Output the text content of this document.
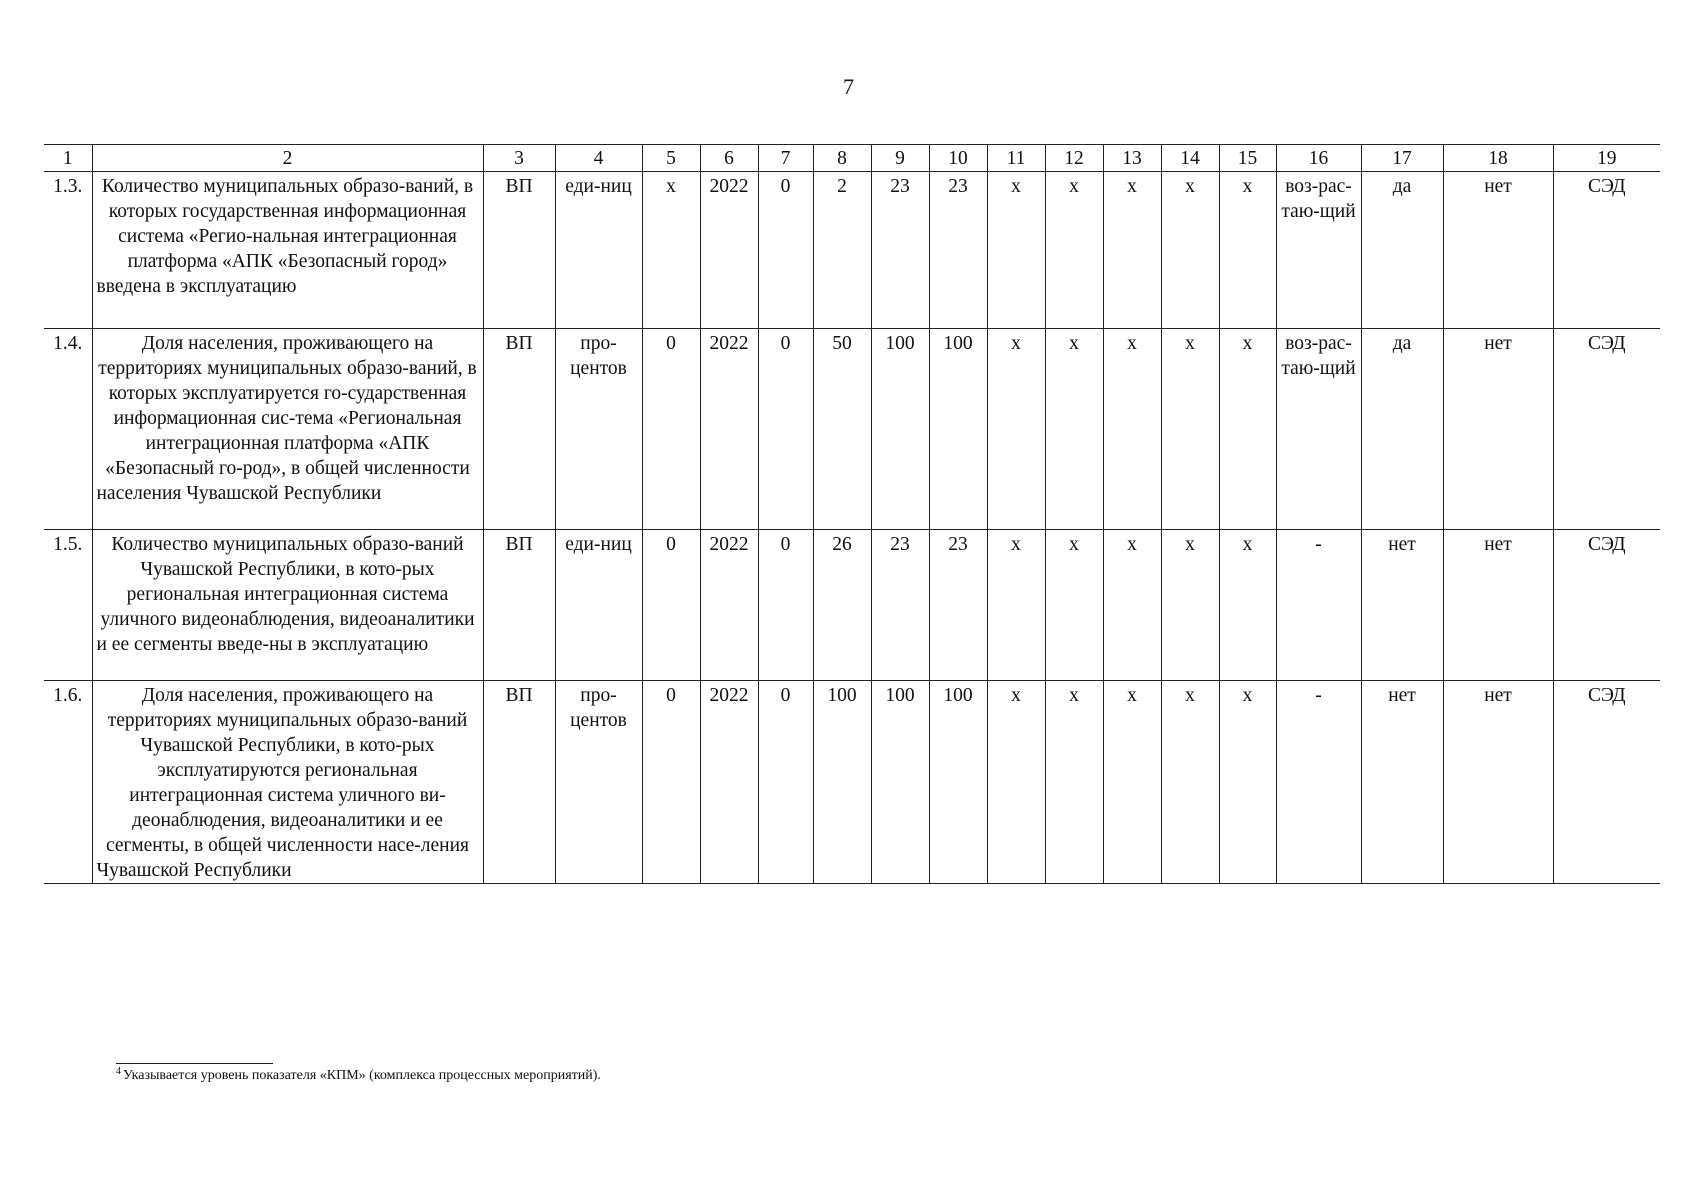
7
1	2	3	4	5	6	7	8	9	10	11	12	13	14	15	16	17	18	19
1.3.	Количество муниципальных образо-ваний, в которых государственная информационная система «Регио-нальная интеграционная платформа «АПК «Безопасный город» введена в эксплуатацию	ВП	еди-ниц	х	2022	0	2	23	23	х	х	х	х	х	воз-рас-таю-щий	да	нет	СЭД
1.4.	Доля населения, проживающего на территориях муниципальных образо-ваний, в которых эксплуатируется го-сударственная информационная сис-тема «Региональная интеграционная платформа «АПК «Безопасный го-род», в общей численности населения Чувашской Республики	ВП	про-центов	0	2022	0	50	100	100	х	х	х	х	х	воз-рас-таю-щий	да	нет	СЭД
1.5.	Количество муниципальных образо-ваний Чувашской Республики, в кото-рых региональная интеграционная система уличного видеонаблюдения, видеоаналитики и ее сегменты введе-ны в эксплуатацию	ВП	еди-ниц	0	2022	0	26	23	23	х	х	х	х	х	-	нет	нет	СЭД
1.6.	Доля населения, проживающего на территориях муниципальных образо-ваний Чувашской Республики, в кото-рых эксплуатируются региональная интеграционная система уличного ви-деонаблюдения, видеоаналитики и ее сегменты, в общей численности насе-ления Чувашской Республики	ВП	про-центов	0	2022	0	100	100	100	х	х	х	х	х	-	нет	нет	СЭД
$^4$ Указывается уровень показателя «КПМ» (комплекса процессных мероприятий).
